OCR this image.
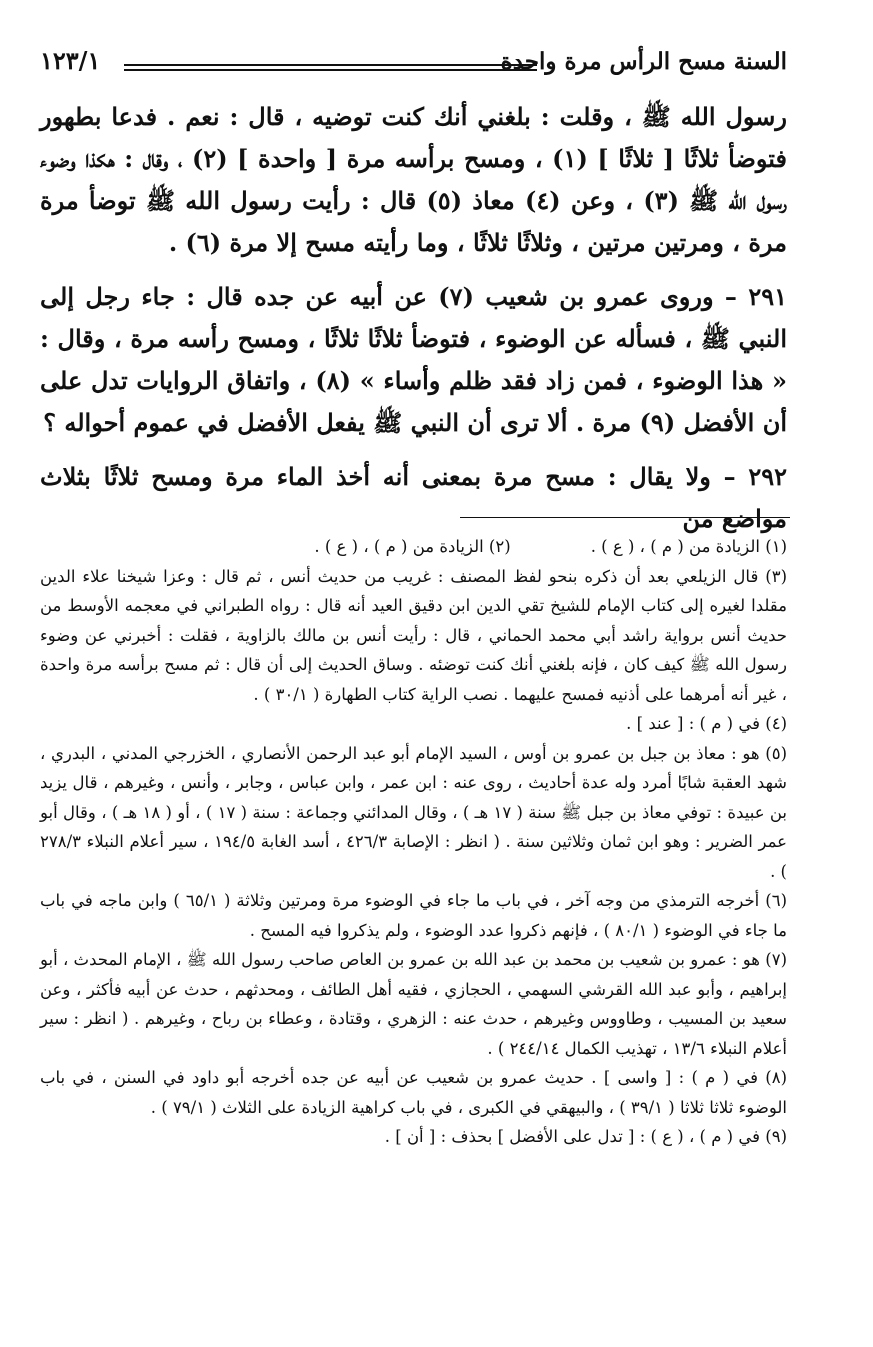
السنة مسح الرأس مرة واحدة
١٢٣/١

رسول الله ﷺ ، وقلت : بلغني أنك كنت توضيه ، قال : نعم . فدعا بطهور فتوضأ ثلاثًا [ ثلاثًا ] (١) ، ومسح برأسه مرة [ واحدة ] (٢) ، وقال : هكذا وضوء رسول الله ﷺ (٣) ، وعن (٤) معاذ (٥) قال : رأيت رسول الله ﷺ توضأ مرة مرة ، ومرتين مرتين ، وثلاثًا ثلاثًا ، وما رأيته مسح إلا مرة (٦) .

٢٩١ – وروى عمرو بن شعيب (٧) عن أبيه عن جده قال : جاء رجل إلى النبي ﷺ ، فسأله عن الوضوء ، فتوضأ ثلاثًا ثلاثًا ، ومسح رأسه مرة ، وقال : « هذا الوضوء ، فمن زاد فقد ظلم وأساء » (٨) ، واتفاق الروايات تدل على أن الأفضل (٩) مرة . ألا ترى أن النبي ﷺ يفعل الأفضل في عموم أحواله ؟

٢٩٢ – ولا يقال : مسح مرة بمعنى أنه أخذ الماء مرة ومسح ثلاثًا بثلاث مواضع من

(١) الزيادة من ( م ) ، ( ع ) .

(٢) الزيادة من ( م ) ، ( ع ) .

(٣) قال الزيلعي بعد أن ذكره بنحو لفظ المصنف : غريب من حديث أنس ، ثم قال : وعزا شيخنا علاء الدين مقلدا لغيره إلى كتاب الإمام للشيخ تقي الدين ابن دقيق العيد أنه قال : رواه الطبراني في معجمه الأوسط من حديث أنس برواية راشد أبي محمد الحماني ، قال : رأيت أنس بن مالك بالزاوية ، فقلت : أخبرني عن وضوء رسول الله ﷺ كيف كان ، فإنه بلغني أنك كنت توضئه . وساق الحديث إلى أن قال : ثم مسح برأسه مرة واحدة ، غير أنه أمرهما على أذنيه فمسح عليهما . نصب الراية كتاب الطهارة ( ٣٠/١ ) .

(٤) في ( م ) : [ عند ] .

(٥) هو : معاذ بن جبل بن عمرو بن أوس ، السيد الإمام أبو عبد الرحمن الأنصاري ، الخزرجي المدني ، البدري ، شهد العقبة شابًا أمرد وله عدة أحاديث ، روى عنه : ابن عمر ، وابن عباس ، وجابر ، وأنس ، وغيرهم ، قال يزيد بن عبيدة : توفي معاذ بن جبل ﷺ سنة ( ١٧ هـ ) ، وقال المدائني وجماعة : سنة ( ١٧ ) ، أو ( ١٨ هـ ) ، وقال أبو عمر الضرير : وهو ابن ثمان وثلاثين سنة . ( انظر : الإصابة ٤٢٦/٣ ، أسد الغابة ١٩٤/٥ ، سير أعلام النبلاء ٢٧٨/٣ ) .

(٦) أخرجه الترمذي من وجه آخر ، في باب ما جاء في الوضوء مرة ومرتين وثلاثة ( ٦٥/١ ) وابن ماجه في باب ما جاء في الوضوء ( ٨٠/١ ) ، فإنهم ذكروا عدد الوضوء ، ولم يذكروا فيه المسح .

(٧) هو : عمرو بن شعيب بن محمد بن عبد الله بن عمرو بن العاص صاحب رسول الله ﷺ ، الإمام المحدث ، أبو إبراهيم ، وأبو عبد الله القرشي السهمي ، الحجازي ، فقيه أهل الطائف ، ومحدثهم ، حدث عن أبيه فأكثر ، وعن سعيد بن المسيب ، وطاووس وغيرهم ، حدث عنه : الزهري ، وقتادة ، وعطاء بن رباح ، وغيرهم . ( انظر : سير أعلام النبلاء ١٣/٦ ، تهذيب الكمال ٢٤٤/١٤ ) .

(٨) في ( م ) : [ واسى ] . حديث عمرو بن شعيب عن أبيه عن جده أخرجه أبو داود في السنن ، في باب الوضوء ثلاثا ثلاثا ( ٣٩/١ ) ، والبيهقي في الكبرى ، في باب كراهية الزيادة على الثلاث ( ٧٩/١ ) .

(٩) في ( م ) ، ( ع ) : [ تدل على الأفضل ] بحذف : [ أن ] .
